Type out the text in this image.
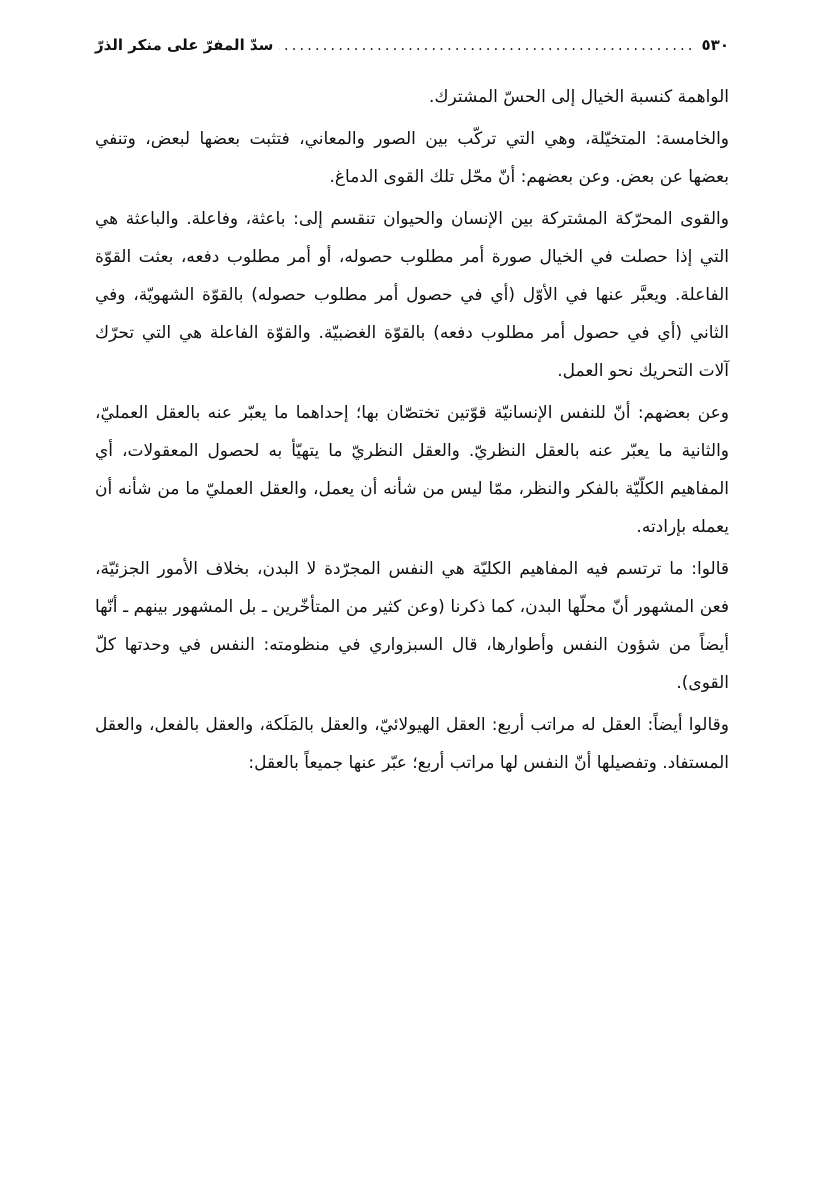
٥٣٠
.....
سدّ المفرّ على منكر الذرّ

الواهمة كنسبة الخيال إلى الحسّ المشترك.

والخامسة: المتخيّلة، وهي التي تركّب بين الصور والمعاني، فتثبت بعضها لبعض، وتنفي بعضها عن بعض. وعن بعضهم: أنّ محّل تلك القوى الدماغ.

والقوى المحرّكة المشتركة بين الإنسان والحيوان تنقسم إلى: باعثة، وفاعلة. والباعثة هي التي إذا حصلت في الخيال صورة أمر مطلوب حصوله، أو أمر مطلوب دفعه، بعثت القوّة الفاعلة. ويعبَّر عنها في الأوّل (أي في حصول أمر مطلوب حصوله) بالقوّة الشهويّة، وفي الثاني (أي في حصول أمر مطلوب دفعه) بالقوّة الغضبيّة. والقوّة الفاعلة هي التي تحرّك آلات التحريك نحو العمل.

وعن بعضهم: أنّ للنفس الإنسانيّة قوّتين تختصّان بها؛ إحداهما ما يعبّر عنه بالعقل العمليّ، والثانية ما يعبّر عنه بالعقل النظريّ. والعقل النظريّ ما يتهيّأ به لحصول المعقولات، أي المفاهيم الكلّيّة بالفكر والنظر، ممّا ليس من شأنه أن يعمل، والعقل العمليّ ما من شأنه أن يعمله بإرادته.

قالوا: ما ترتسم فيه المفاهيم الكليّة هي النفس المجرّدة لا البدن، بخلاف الأمور الجزئيّة، فعن المشهور أنّ محلّها البدن، كما ذكرنا (وعن كثير من المتأخّرين ـ بل المشهور بينهم ـ أنّها أيضاً من شؤون النفس وأطوارها، قال السبزواري في منظومته: النفس في وحدتها كلّ القوى).

وقالوا أيضاً: العقل له مراتب أربع: العقل الهيولائيّ، والعقل بالمَلَكة، والعقل بالفعل، والعقل المستفاد. وتفصيلها أنّ النفس لها مراتب أربع؛ عبّر عنها جميعاً بالعقل:
